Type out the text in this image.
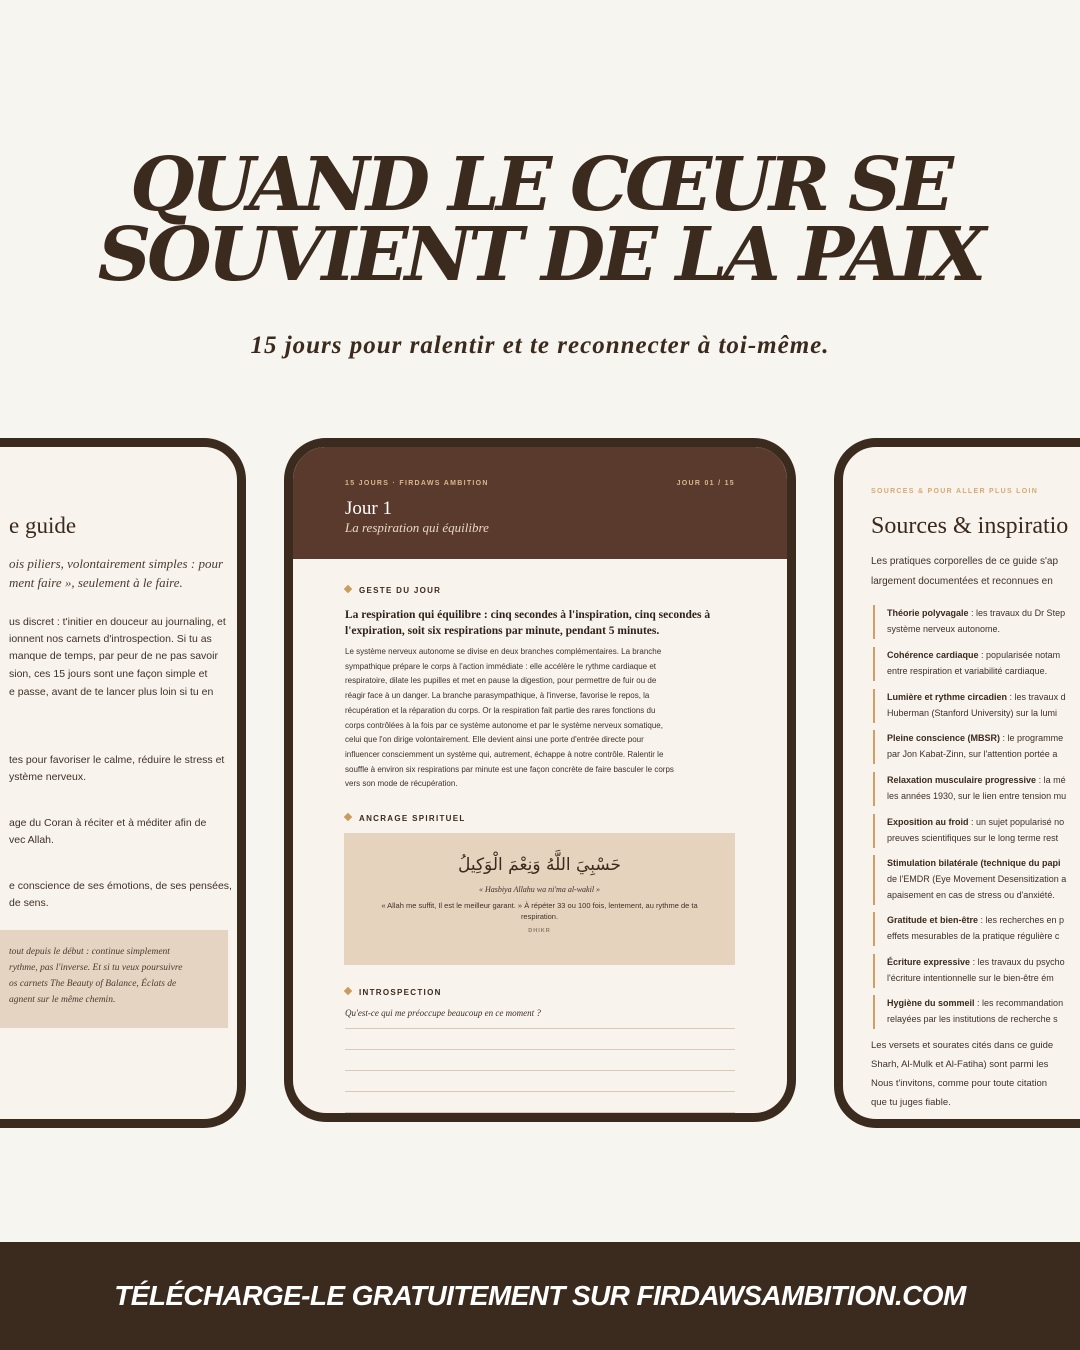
QUAND LE CŒUR SE
SOUVIENT DE LA PAIX
15 jours pour ralentir et te reconnecter à toi-même.
e guide
ois piliers, volontairement simples : pour
ment faire », seulement à le faire.
us discret : t'initier en douceur au journaling, et
ionnent nos carnets d'introspection. Si tu as
manque de temps, par peur de ne pas savoir
sion, ces 15 jours sont une façon simple et
e passe, avant de te lancer plus loin si tu en
tes pour favoriser le calme, réduire le stress et
ystème nerveux.
age du Coran à réciter et à méditer afin de
vec Allah.
e conscience de ses émotions, de ses pensées,
de sens.
tout depuis le début : continue simplement
rythme, pas l'inverse. Et si tu veux poursuivre
os carnets The Beauty of Balance, Éclats de
agnent sur le même chemin.
15 JOURS · FIRDAWS AMBITION	JOUR 01 / 15
Jour 1
La respiration qui équilibre
GESTE DU JOUR
La respiration qui équilibre : cinq secondes à l'inspiration, cinq secondes à l'expiration, soit six respirations par minute, pendant 5 minutes.
Le système nerveux autonome se divise en deux branches complémentaires. La branche
sympathique prépare le corps à l'action immédiate : elle accélère le rythme cardiaque et
respiratoire, dilate les pupilles et met en pause la digestion, pour permettre de fuir ou de
réagir face à un danger. La branche parasympathique, à l'inverse, favorise le repos, la
récupération et la réparation du corps. Or la respiration fait partie des rares fonctions du
corps contrôlées à la fois par ce système autonome et par le système nerveux somatique,
celui que l'on dirige volontairement. Elle devient ainsi une porte d'entrée directe pour
influencer consciemment un système qui, autrement, échappe à notre contrôle. Ralentir le
souffle à environ six respirations par minute est une façon concrète de faire basculer le corps
vers son mode de récupération.
ANCRAGE SPIRITUEL
حَسْبِيَ اللَّهُ وَنِعْمَ الْوَكِيلُ
« Hasbiya Allahu wa ni'ma al-wakil »
« Allah me suffit, Il est le meilleur garant. » À répéter 33 ou 100 fois, lentement, au rythme de ta respiration.
DHIKR
INTROSPECTION
Qu'est-ce qui me préoccupe beaucoup en ce moment ?
SOURCES & POUR ALLER PLUS LOIN
Sources & inspiratio
Les pratiques corporelles de ce guide s'ap
largement documentées et reconnues en
Théorie polyvagale : les travaux du Dr Step
système nerveux autonome.
Cohérence cardiaque : popularisée notam
entre respiration et variabilité cardiaque.
Lumière et rythme circadien : les travaux d
Huberman (Stanford University) sur la lumi
Pleine conscience (MBSR) : le programme
par Jon Kabat-Zinn, sur l'attention portée a
Relaxation musculaire progressive : la mé
les années 1930, sur le lien entre tension mu
Exposition au froid : un sujet popularisé no
preuves scientifiques sur le long terme rest
Stimulation bilatérale (technique du papi
de l'EMDR (Eye Movement Desensitization a
apaisement en cas de stress ou d'anxiété.
Gratitude et bien-être : les recherches en p
effets mesurables de la pratique régulière c
Écriture expressive : les travaux du psycho
l'écriture intentionnelle sur le bien-être ém
Hygiène du sommeil : les recommandation
relayées par les institutions de recherche s
Les versets et sourates cités dans ce guide
Sharh, Al-Mulk et Al-Fatiha) sont parmi les
Nous t'invitons, comme pour toute citation
que tu juges fiable.
TÉLÉCHARGE-LE GRATUITEMENT SUR FIRDAWSAMBITION.COM
